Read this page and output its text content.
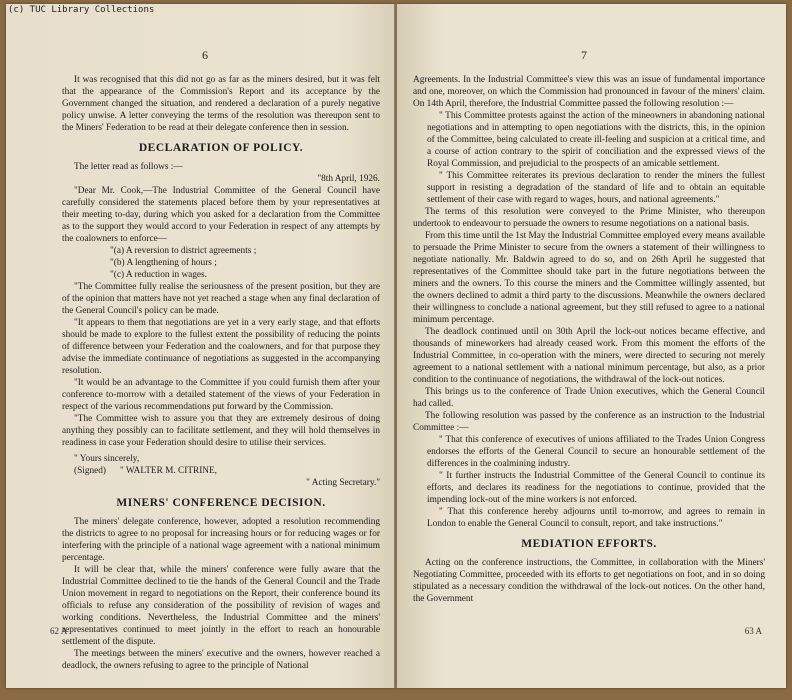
6

It was recognised that this did not go as far as the miners desired, but it was felt that the appearance of the Commission's Report and its acceptance by the Government changed the situation, and rendered a declaration of a purely negative policy unwise. A letter conveying the terms of the resolution was thereupon sent to the Miners' Federation to be read at their delegate conference then in session.

DECLARATION OF POLICY.

The letter read as follows :—

"8th April, 1926.

"Dear Mr. Cook,—The Industrial Committee of the General Council have carefully considered the statements placed before them by your representatives at their meeting to-day, during which you asked for a declaration from the Committee as to the support they would accord to your Federation in respect of any attempts by the coalowners to enforce—

"(a) A reversion to district agreements ;

"(b) A lengthening of hours ;

"(c) A reduction in wages.

"The Committee fully realise the seriousness of the present position, but they are of the opinion that matters have not yet reached a stage when any final declaration of the General Council's policy can be made.

"It appears to them that negotiations are yet in a very early stage, and that efforts should be made to explore to the fullest extent the possibility of reducing the points of difference between your Federation and the coalowners, and for that purpose they advise the immediate continuance of negotiations as suggested in the accompanying resolution.

"It would be an advantage to the Committee if you could furnish them after your conference to-morrow with a detailed statement of the views of your Federation in respect of the various recommendations put forward by the Commission.

"The Committee wish to assure you that they are extremely desirous of doing anything they possibly can to facilitate settlement, and they will hold themselves in readiness in case your Federation should desire to utilise their services.

" Yours sincerely,

(Signed) " WALTER M. CITRINE,

" Acting Secretary."

MINERS' CONFERENCE DECISION.

The miners' delegate conference, however, adopted a resolution recommending the districts to agree to no proposal for increasing hours or for reducing wages or for interfering with the principle of a national wage agreement with a national minimum percentage.

It will be clear that, while the miners' conference were fully aware that the Industrial Committee declined to tie the hands of the General Council and the Trade Union movement in regard to negotiations on the Report, their conference bound its officials to refuse any consideration of the possibility of revision of wages and working conditions. Nevertheless, the Industrial Committee and the miners' representatives continued to meet jointly in the effort to reach an honourable settlement of the dispute.

The meetings between the miners' executive and the owners, however reached a deadlock, the owners refusing to agree to the principle of National

62 A
7

Agreements. In the Industrial Committee's view this was an issue of fundamental importance and one, moreover, on which the Commission had pronounced in favour of the miners' claim. On 14th April, therefore, the Industrial Committee passed the following resolution :—

" This Committee protests against the action of the mineowners in abandoning national negotiations and in attempting to open negotiations with the districts, this, in the opinion of the Committee, being calculated to create ill-feeling and suspicion at a critical time, and a course of action contrary to the spirit of conciliation and the expressed views of the Royal Commission, and prejudicial to the prospects of an amicable settlement.

" This Committee reiterates its previous declaration to render the miners the fullest support in resisting a degradation of the standard of life and to obtain an equitable settlement of their case with regard to wages, hours, and national agreements."

The terms of this resolution were conveyed to the Prime Minister, who thereupon undertook to endeavour to persuade the owners to resume negotiations on a national basis.

From this time until the 1st May the Industrial Committee employed every means available to persuade the Prime Minister to secure from the owners a statement of their willingness to negotiate nationally. Mr. Baldwin agreed to do so, and on 26th April he suggested that representatives of the Committee should take part in the future negotiations between the miners and the owners. To this course the miners and the Committee willingly assented, but the owners declined to admit a third party to the discussions. Meanwhile the owners declared their willingness to conclude a national agreement, but they still refused to agree to a national minimum percentage.

The deadlock continued until on 30th April the lock-out notices became effective, and thousands of mineworkers had already ceased work. From this moment the efforts of the Industrial Committee, in co-operation with the miners, were directed to securing not merely agreement to a national settlement with a national minimum percentage, but also, as a prior condition to the continuance of negotiations, the withdrawal of the lock-out notices.

This brings us to the conference of Trade Union executives, which the General Council had called.

The following resolution was passed by the conference as an instruction to the Industrial Committee :—

" That this conference of executives of unions affiliated to the Trades Union Congress endorses the efforts of the General Council to secure an honourable settlement of the differences in the coalmining industry.

" It further instructs the Industrial Committee of the General Council to continue its efforts, and declares its readiness for the negotiations to continue, provided that the impending lock-out of the mine workers is not enforced.

" That this conference hereby adjourns until to-morrow, and agrees to remain in London to enable the General Council to consult, report, and take instructions."

MEDIATION EFFORTS.

Acting on the conference instructions, the Committee, in collaboration with the Miners' Negotiating Committee, proceeded with its efforts to get negotiations on foot, and in so doing stipulated as a necessary condition the withdrawal of the lock-out notices. On the other hand, the Government

63 A
(c) TUC Library Collections
